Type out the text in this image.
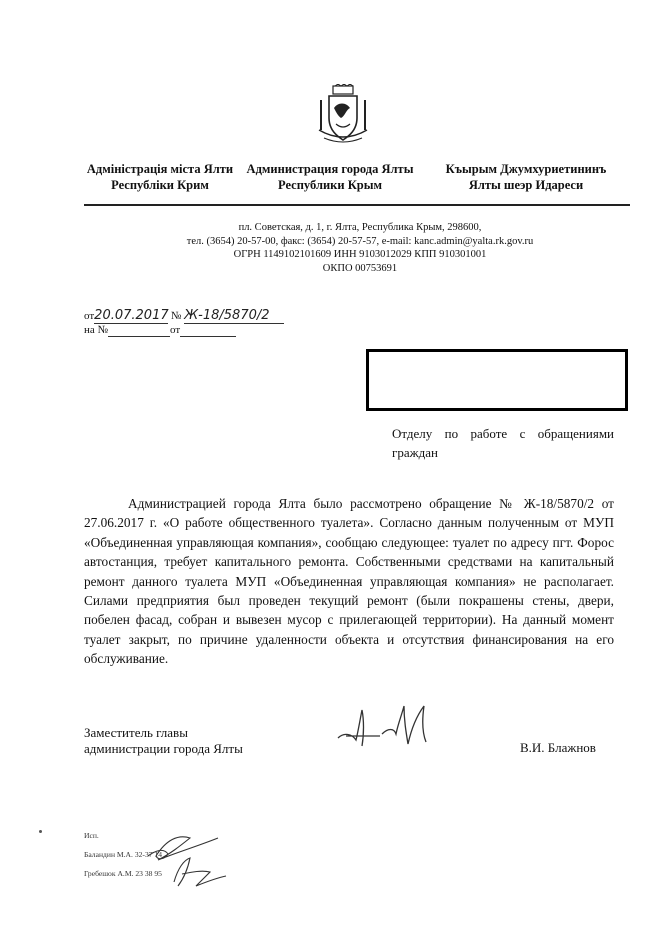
Адміністрація міста Ялти
Республіки Крим
Администрация города Ялты
Республики Крым
Къырым Джумхуриетининъ
Ялты шеэр Идареси
пл. Советская, д. 1, г. Ялта, Республика Крым, 298600,
тел. (3654) 20-57-00, факс: (3654) 20-57-57, e-mail: kanc.admin@yalta.rk.gov.ru
ОГРН 1149102101609 ИНН 9103012029 КПП 910301001
ОКПО 00753691
от20.07.2017 № Ж-18/5870/2
на №	от
Отделу по работе с обращениями
граждан
Администрацией города Ялта было рассмотрено обращение № Ж-18/5870/2 от 27.06.2017 г. «О работе общественного туалета». Согласно данным полученным от МУП «Объединенная управляющая компания», сообщаю следующее: туалет по адресу пгт. Форос автостанция, требует капитального ремонта. Собственными средствами на капитальный ремонт данного туалета МУП «Объединенная управляющая компания» не располагает. Силами предприятия был проведен текущий ремонт (были покрашены стены, двери, побелен фасад, собран и вывезен мусор с прилегающей территории). На данный момент туалет закрыт, по причине удаленности объекта и отсутствия финансирования на его обслуживание.
Заместитель главы
администрации города Ялты	В.И. Блажнов
Исп.
Баландин М.А. 32-37 14
Гребешок А.М. 23 38 95
